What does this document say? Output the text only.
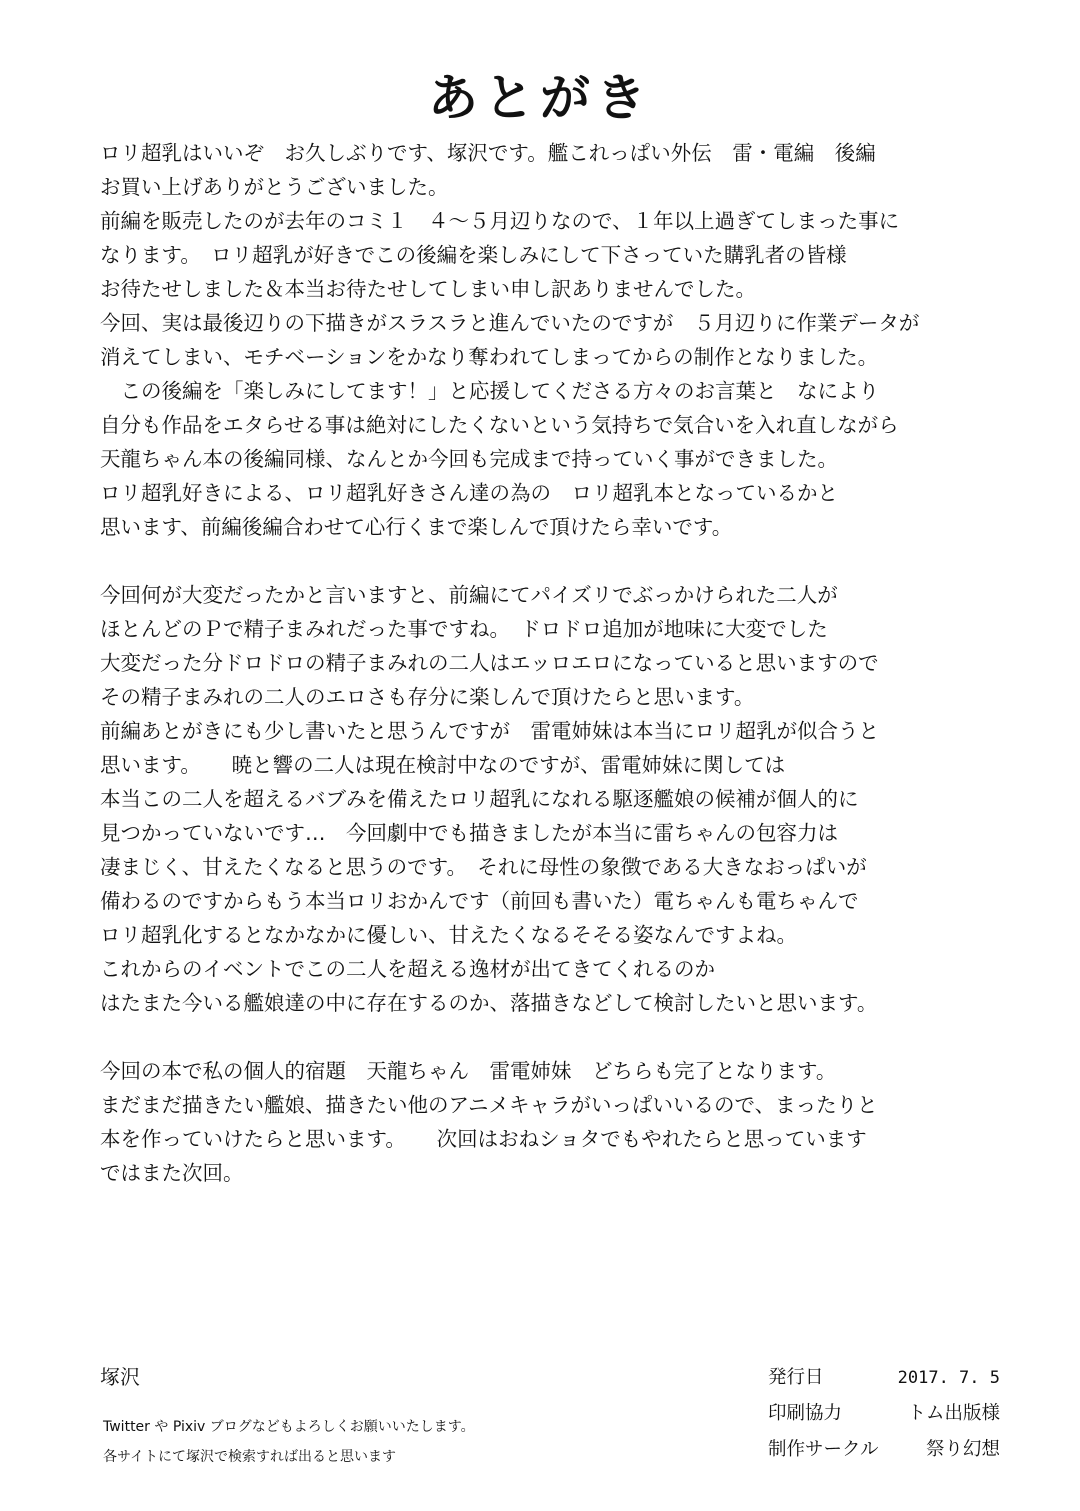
あとがき
ロリ超乳はいいぞ　お久しぶりです、塚沢です。艦これっぱい外伝　雷・電編　後編
お買い上げありがとうございました。
前編を販売したのが去年のコミ１　４～５月辺りなので、１年以上過ぎてしまった事に
なります。　ロリ超乳が好きでこの後編を楽しみにして下さっていた購乳者の皆様
お待たせしました＆本当お待たせしてしまい申し訳ありませんでした。
今回、実は最後辺りの下描きがスラスラと進んでいたのですが　５月辺りに作業データが
消えてしまい、モチベーションをかなり奪われてしまってからの制作となりました。
　この後編を「楽しみにしてます！」と応援してくださる方々のお言葉と　なにより
自分も作品をエタらせる事は絶対にしたくないという気持ちで気合いを入れ直しながら
天龍ちゃん本の後編同様、なんとか今回も完成まで持っていく事ができました。
ロリ超乳好きによる、ロリ超乳好きさん達の為の　ロリ超乳本となっているかと
思います、前編後編合わせて心行くまで楽しんで頂けたら幸いです。
今回何が大変だったかと言いますと、前編にてパイズリでぶっかけられた二人が
ほとんどのＰで精子まみれだった事ですね。　ドロドロ追加が地味に大変でした
大変だった分ドロドロの精子まみれの二人はエッロエロになっていると思いますので
その精子まみれの二人のエロさも存分に楽しんで頂けたらと思います。
前編あとがきにも少し書いたと思うんですが　雷電姉妹は本当にロリ超乳が似合うと
思います。　　暁と響の二人は現在検討中なのですが、雷電姉妹に関しては
本当この二人を超えるバブみを備えたロリ超乳になれる駆逐艦娘の候補が個人的に
見つかっていないです…　今回劇中でも描きましたが本当に雷ちゃんの包容力は
凄まじく、甘えたくなると思うのです。　それに母性の象徴である大きなおっぱいが
備わるのですからもう本当ロリおかんです（前回も書いた）電ちゃんも電ちゃんで
ロリ超乳化するとなかなかに優しい、甘えたくなるそそる姿なんですよね。
これからのイベントでこの二人を超える逸材が出てきてくれるのか
はたまた今いる艦娘達の中に存在するのか、落描きなどして検討したいと思います。
今回の本で私の個人的宿題　天龍ちゃん　雷電姉妹　どちらも完了となります。
まだまだ描きたい艦娘、描きたい他のアニメキャラがいっぱいいるので、まったりと
本を作っていけたらと思います。　　次回はおねショタでもやれたらと思っています
ではまた次回。
塚沢
Twitter や Pixiv ブログなどもよろしくお願いいたします。
各サイトにて塚沢で検索すれば出ると思います
発行日	2017. 7. 5
印刷協力	トム出版様
制作サークル	祭り幻想
